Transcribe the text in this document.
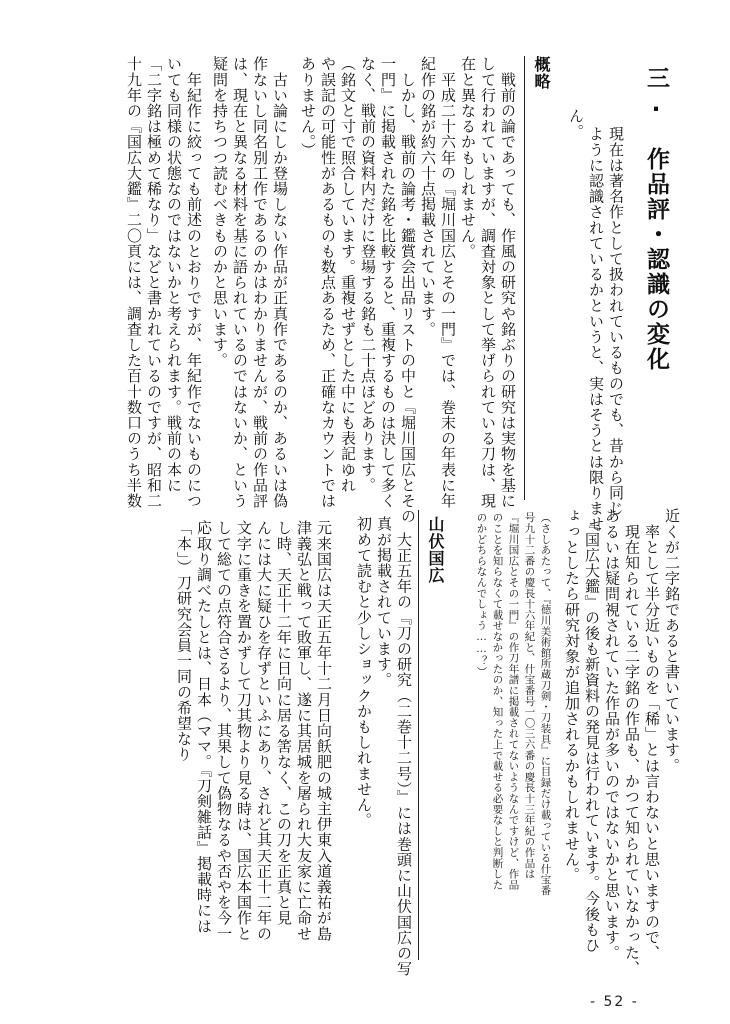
三. 作品評・認識の変化
現在は著名作として扱われているものでも、昔から同じ
ように認識されているかというと、実はそうとは限りませ
ん。
概略
　戦前の論であっても、作風の研究や銘ぶりの研究は実物を基に
して行われていますが、調査対象として挙げられている刀は、現
在と異なるかもしれません。
　平成二十六年の『堀川国広とその一門』では、巻末の年表に年
紀作の銘が約六十点掲載されています。
　しかし、戦前の論考・鑑賞会出品リストの中と『堀川国広とその
一門』に掲載された銘を比較すると、重複するものは決して多く
なく、戦前の資料内だけに登場する銘も二十点ほどあります。
（銘文と寸で照合しています。重複せずとした中にも表記ゆれ
や誤記の可能性があるものも数点あるため、正確なカウントでは
ありません。）
　古い論にしか登場しない作品が正真作であるのか、あるいは偽
作ないし同名別工作であるのかはわかりませんが、戦前の作品評
は、現在と異なる材料を基に語られているのではないか、という
疑問を持ちつつ読むべきものかと思います。
　年紀作に絞っても前述のとおりですが、年紀作でないものにつ
いても同様の状態なのではないかと考えられます。戦前の本に
「二字銘は極めて稀なり」などと書かれているのですが、昭和二
十九年の『国広大鑑』二〇頁には、調査した百十数口のうち半数
近くが二字銘であると書いています。
　率として半分近いものを「稀」とは言わないと思いますので、
　現在知られている二字銘の作品も、かつて知られていなかった、
あるいは疑問視されていた作品が多いのではないかと思います。
　『国広大鑑』の後も新資料の発見は行われています。今後もひ
ょっとしたら研究対象が追加されるかもしれません。
（さしあたって、『徳川美術館所蔵刀剣・刀装具』に目録だけ載っている什宝番
号九十二番の慶長十六年紀と、什宝番号一〇三六番の慶長十三年紀の作品は
『堀川国広とその一門』の作刀年譜に掲載されてないようなんですけど、作品
のことを知らなくて載せなかったのか、知った上で載せる必要なしと判断した
のかどちらなんでしょう……？）
山伏国広
　大正五年の『刀の研究（二巻十二号）』には巻頭に山伏国広の写
真が掲載されています。
初めて読むと少しショックかもしれません。
元来国広は天正五年十二月日向飫肥の城主伊東入道義祐が島
津義弘と戦って敗軍し、遂に其居城を屠られ大友家に亡命せ
し時、天正十二年に日向に居る筈なく、この刀を正真と見
んには大に疑ひを存ずといふにあり、されど其天正十二年の
文字に重きを置かずして刀其物より見る時は、国広本国作と
して総ての点符合さるより、其果して偽物なるや否やを今一
応取り調べたしとは、日本（ママ。『刀剣雑話』掲載時には
「本」）刀研究会員一同の希望なり
- 52 -
